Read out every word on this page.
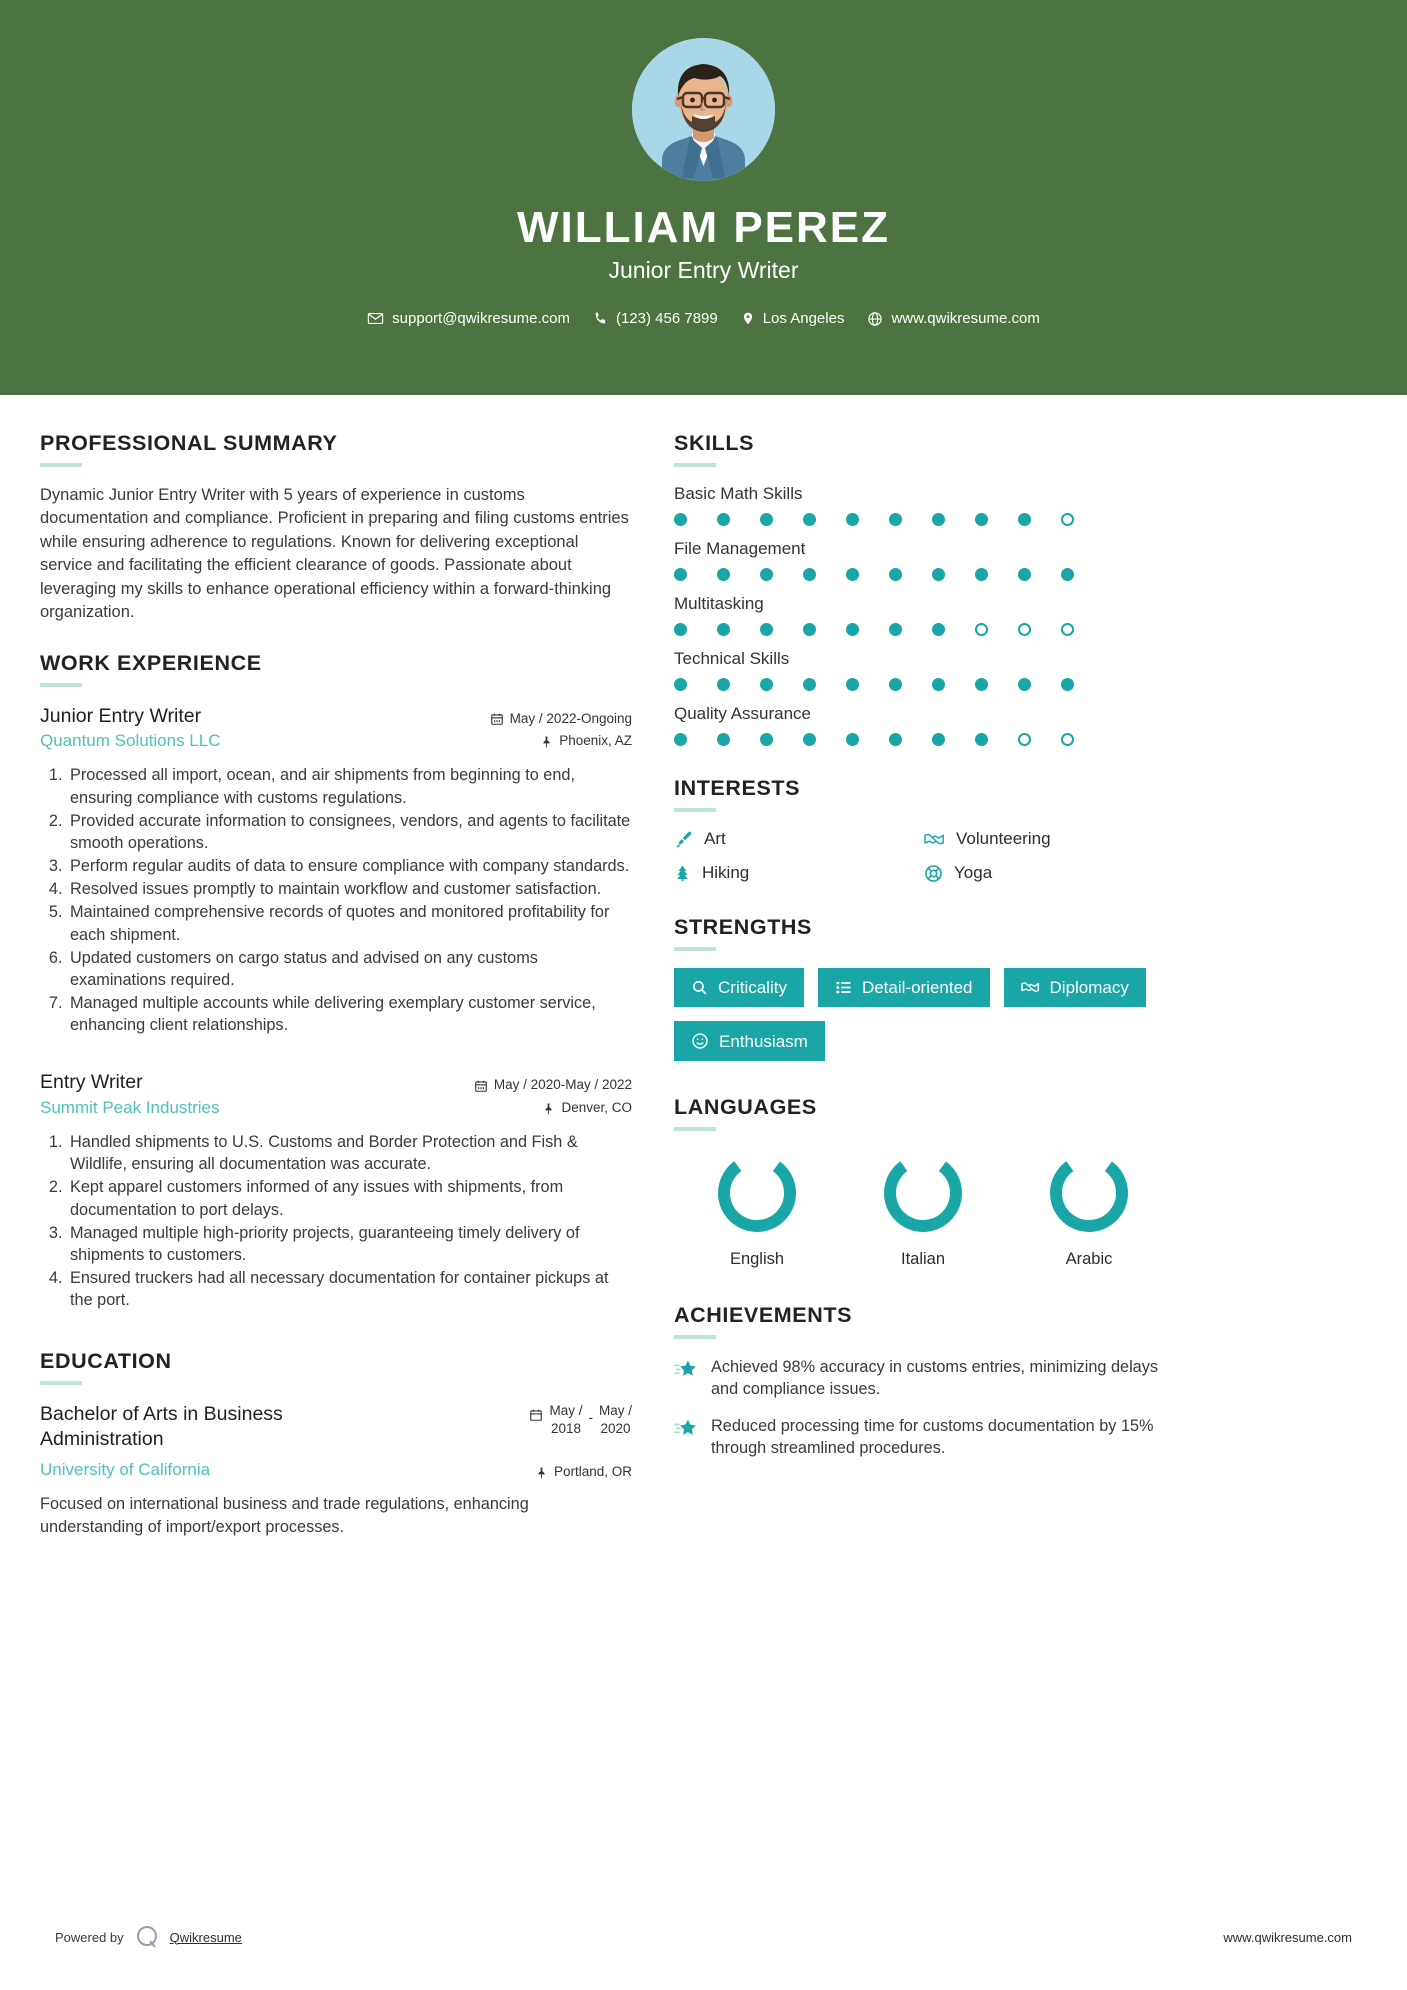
WILLIAM PEREZ
Junior Entry Writer
support@qwikresume.com	(123) 456 7899	Los Angeles	www.qwikresume.com
PROFESSIONAL SUMMARY
Dynamic Junior Entry Writer with 5 years of experience in customs documentation and compliance. Proficient in preparing and filing customs entries while ensuring adherence to regulations. Known for delivering exceptional service and facilitating the efficient clearance of goods. Passionate about leveraging my skills to enhance operational efficiency within a forward-thinking organization.
WORK EXPERIENCE
Junior Entry Writer
Quantum Solutions LLC
May / 2022-Ongoing
Phoenix, AZ
1. Processed all import, ocean, and air shipments from beginning to end, ensuring compliance with customs regulations.
2. Provided accurate information to consignees, vendors, and agents to facilitate smooth operations.
3. Perform regular audits of data to ensure compliance with company standards.
4. Resolved issues promptly to maintain workflow and customer satisfaction.
5. Maintained comprehensive records of quotes and monitored profitability for each shipment.
6. Updated customers on cargo status and advised on any customs examinations required.
7. Managed multiple accounts while delivering exemplary customer service, enhancing client relationships.
Entry Writer
Summit Peak Industries
May / 2020-May / 2022
Denver, CO
1. Handled shipments to U.S. Customs and Border Protection and Fish & Wildlife, ensuring all documentation was accurate.
2. Kept apparel customers informed of any issues with shipments, from documentation to port delays.
3. Managed multiple high-priority projects, guaranteeing timely delivery of shipments to customers.
4. Ensured truckers had all necessary documentation for container pickups at the port.
EDUCATION
Bachelor of Arts in Business Administration
May /
2018
- May /
2020
University of California	Portland, OR
Focused on international business and trade regulations, enhancing understanding of import/export processes.
SKILLS
Basic Math Skills
File Management
Multitasking
Technical Skills
Quality Assurance
INTERESTS
Art	Volunteering
Hiking	Yoga
STRENGTHS
Criticality	Detail-oriented	Diplomacy
Enthusiasm
LANGUAGES
English	Italian	Arabic
ACHIEVEMENTS
Achieved 98% accuracy in customs entries, minimizing delays and compliance issues.
Reduced processing time for customs documentation by 15% through streamlined procedures.
Powered by	Qwikresume	www.qwikresume.com
